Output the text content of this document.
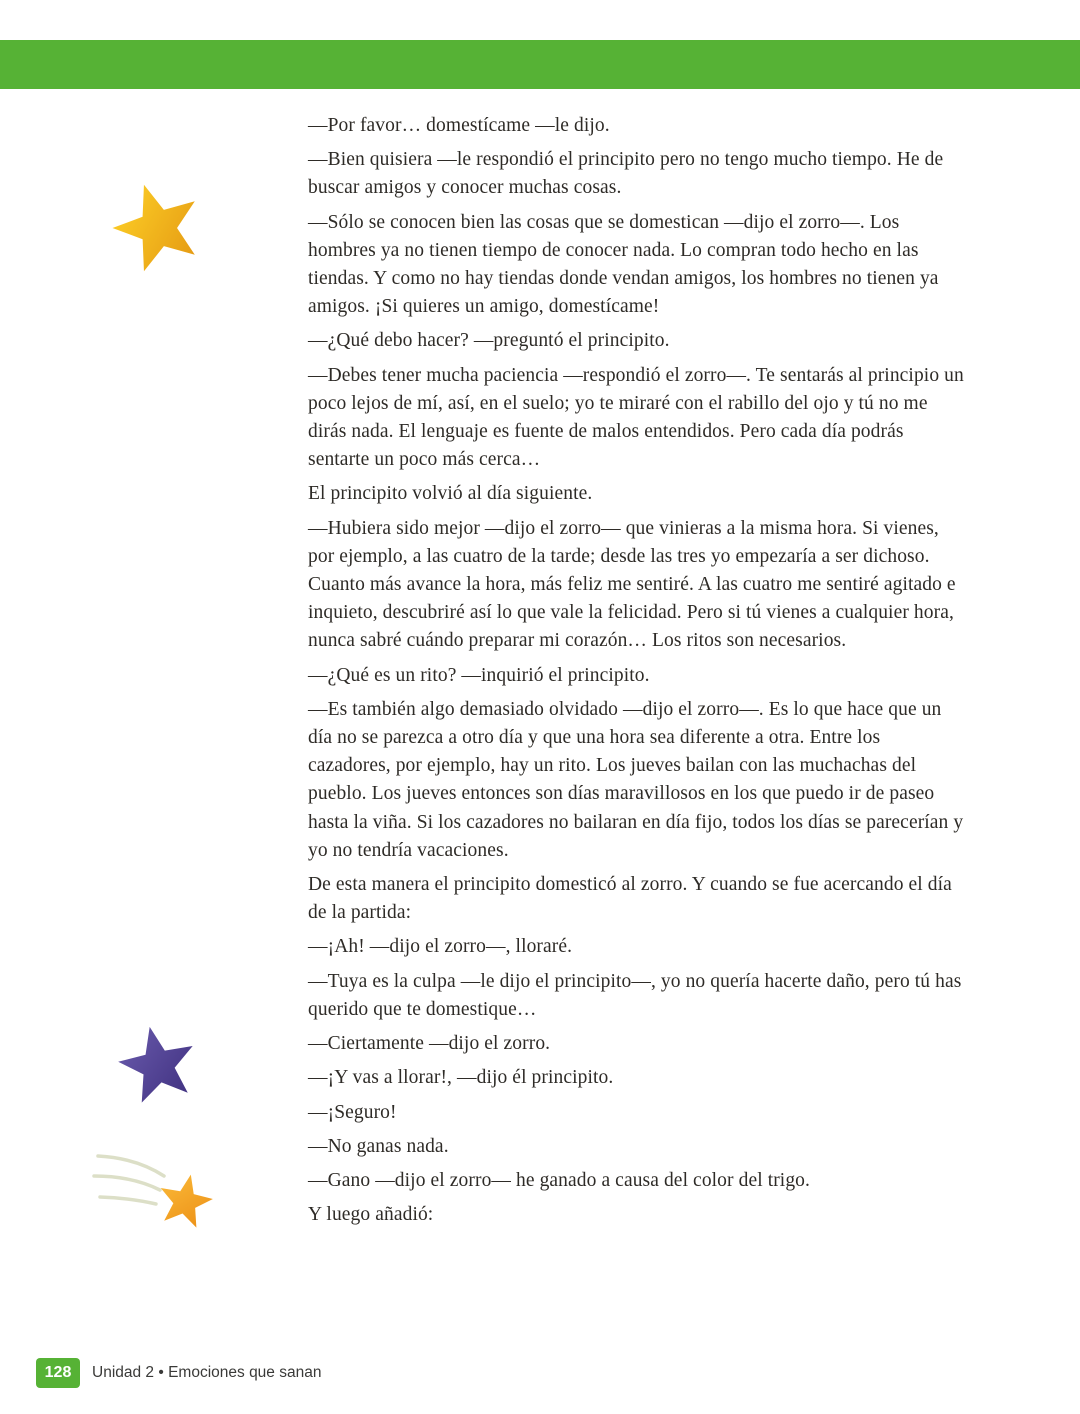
—Por favor… domestícame —le dijo.

—Bien quisiera —le respondió el principito pero no tengo mucho tiempo. He de buscar amigos y conocer muchas cosas.

—Sólo se conocen bien las cosas que se domestican —dijo el zorro—. Los hombres ya no tienen tiempo de conocer nada. Lo compran todo hecho en las tiendas. Y como no hay tiendas donde vendan amigos, los hombres no tienen ya amigos. ¡Si quieres un amigo, domestícame!

—¿Qué debo hacer? —preguntó el principito.

—Debes tener mucha paciencia —respondió el zorro—. Te sentarás al principio un poco lejos de mí, así, en el suelo; yo te miraré con el rabillo del ojo y tú no me dirás nada. El lenguaje es fuente de malos entendidos. Pero cada día podrás sentarte un poco más cerca…

El principito volvió al día siguiente.

—Hubiera sido mejor —dijo el zorro— que vinieras a la misma hora. Si vienes, por ejemplo, a las cuatro de la tarde; desde las tres yo empezaría a ser dichoso. Cuanto más avance la hora, más feliz me sentiré. A las cuatro me sentiré agitado e inquieto, descubriré así lo que vale la felicidad. Pero si tú vienes a cualquier hora, nunca sabré cuándo preparar mi corazón… Los ritos son necesarios.

—¿Qué es un rito? —inquirió el principito.

—Es también algo demasiado olvidado —dijo el zorro—. Es lo que hace que un día no se parezca a otro día y que una hora sea diferente a otra. Entre los cazadores, por ejemplo, hay un rito. Los jueves bailan con las muchachas del pueblo. Los jueves entonces son días maravillosos en los que puedo ir de paseo hasta la viña. Si los cazadores no bailaran en día fijo, todos los días se parecerían y yo no tendría vacaciones.

De esta manera el principito domesticó al zorro. Y cuando se fue acercando el día de la partida:

—¡Ah! —dijo el zorro—, lloraré.

—Tuya es la culpa —le dijo el principito—, yo no quería hacerte daño, pero tú has querido que te domestique…

—Ciertamente —dijo el zorro.

—¡Y vas a llorar!, —dijo él principito.

—¡Seguro!

—No ganas nada.

—Gano —dijo el zorro— he ganado a causa del color del trigo.

Y luego añadió:

128	Unidad 2 • Emociones que sanan
